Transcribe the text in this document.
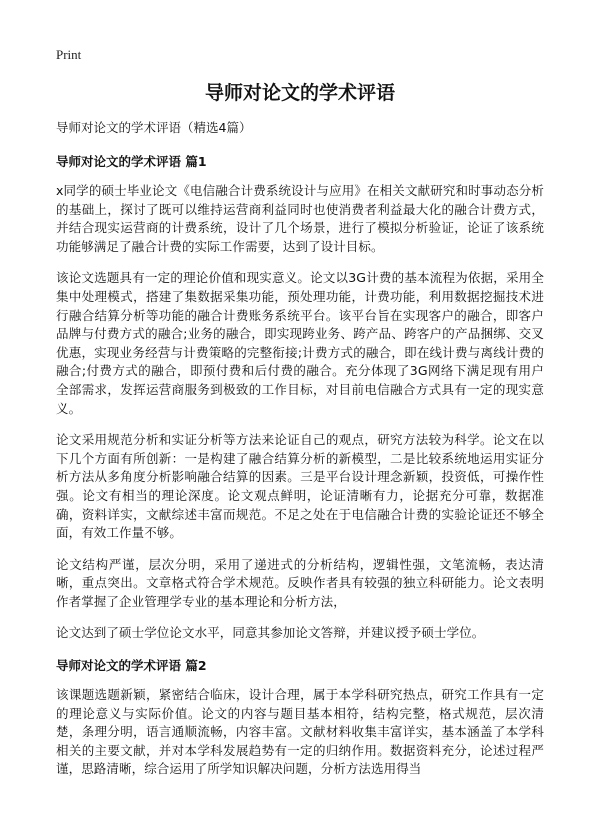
Print
导师对论文的学术评语

导师对论文的学术评语（精选4篇）

导师对论文的学术评语 篇1

x同学的硕士毕业论文《电信融合计费系统设计与应用》在相关文献研究和时事动态分析的基础上，探讨了既可以维持运营商利益同时也使消费者利益最大化的融合计费方式，并结合现实运营商的计费系统，设计了几个场景，进行了模拟分析验证，论证了该系统功能够满足了融合计费的实际工作需要，达到了设计目标。

该论文选题具有一定的理论价值和现实意义。论文以3G计费的基本流程为依据，采用全集中处理模式，搭建了集数据采集功能，预处理功能，计费功能，利用数据挖掘技术进行融合结算分析等功能的融合计费账务系统平台。该平台旨在实现客户的融合，即客户品牌与付费方式的融合;业务的融合，即实现跨业务、跨产品、跨客户的产品捆绑、交叉优惠，实现业务经营与计费策略的完整衔接;计费方式的融合，即在线计费与离线计费的融合;付费方式的融合，即预付费和后付费的融合。充分体现了3G网络下满足现有用户全部需求，发挥运营商服务到极致的工作目标，对目前电信融合方式具有一定的现实意义。

论文采用规范分析和实证分析等方法来论证自己的观点，研究方法较为科学。论文在以下几个方面有所创新：一是构建了融合结算分析的新模型，二是比较系统地运用实证分析方法从多角度分析影响融合结算的因素。三是平台设计理念新颖，投资低，可操作性强。论文有相当的理论深度。论文观点鲜明，论证清晰有力，论据充分可靠，数据准确，资料详实，文献综述丰富而规范。不足之处在于电信融合计费的实验论证还不够全面，有效工作量不够。

论文结构严谨，层次分明，采用了递进式的分析结构，逻辑性强，文笔流畅，表达清晰，重点突出。文章格式符合学术规范。反映作者具有较强的独立科研能力。论文表明作者掌握了企业管理学专业的基本理论和分析方法，

论文达到了硕士学位论文水平，同意其参加论文答辩，并建议授予硕士学位。

导师对论文的学术评语 篇2

该课题选题新颖，紧密结合临床，设计合理，属于本学科研究热点，研究工作具有一定的理论意义与实际价值。论文的内容与题目基本相符，结构完整，格式规范，层次清楚，条理分明，语言通顺流畅，内容丰富。文献材料收集丰富详实，基本涵盖了本学科相关的主要文献，并对本学科发展趋势有一定的归纳作用。数据资料充分，论述过程严谨，思路清晰，综合运用了所学知识解决问题，分析方法选用得当
